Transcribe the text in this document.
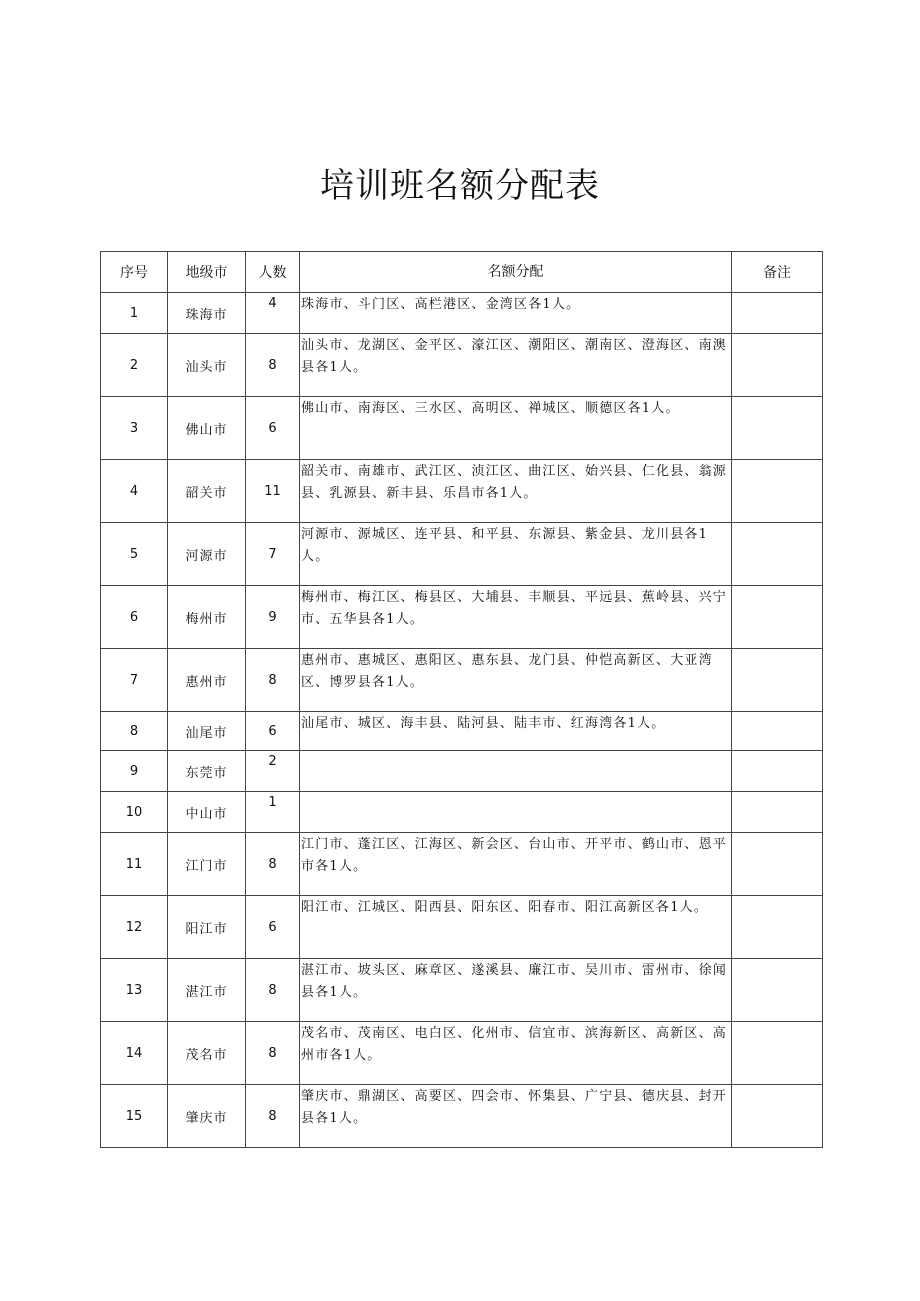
培训班名额分配表
序号	地级市	人数	名额分配	备注
1	珠海市	4	珠海市、斗门区、高栏港区、金湾区各1人。	
2	汕头市	8	汕头市、龙湖区、金平区、濠江区、潮阳区、潮南区、澄海区、南澳县各1人。	
3	佛山市	6	佛山市、南海区、三水区、高明区、禅城区、顺德区各1人。	
4	韶关市	11	韶关市、南雄市、武江区、浈江区、曲江区、始兴县、仁化县、翁源县、乳源县、新丰县、乐昌市各1人。	
5	河源市	7	河源市、源城区、连平县、和平县、东源县、紫金县、龙川县各1人。	
6	梅州市	9	梅州市、梅江区、梅县区、大埔县、丰顺县、平远县、蕉岭县、兴宁市、五华县各1人。	
7	惠州市	8	惠州市、惠城区、惠阳区、惠东县、龙门县、仲恺高新区、大亚湾区、博罗县各1人。	
8	汕尾市	6	汕尾市、城区、海丰县、陆河县、陆丰市、红海湾各1人。	
9	东莞市	2		
10	中山市	1		
11	江门市	8	江门市、蓬江区、江海区、新会区、台山市、开平市、鹤山市、恩平市各1人。	
12	阳江市	6	阳江市、江城区、阳西县、阳东区、阳春市、阳江高新区各1人。	
13	湛江市	8	湛江市、坡头区、麻章区、遂溪县、廉江市、吴川市、雷州市、徐闻县各1人。	
14	茂名市	8	茂名市、茂南区、电白区、化州市、信宜市、滨海新区、高新区、高州市各1人。	
15	肇庆市	8	肇庆市、鼎湖区、高要区、四会市、怀集县、广宁县、德庆县、封开县各1人。	
